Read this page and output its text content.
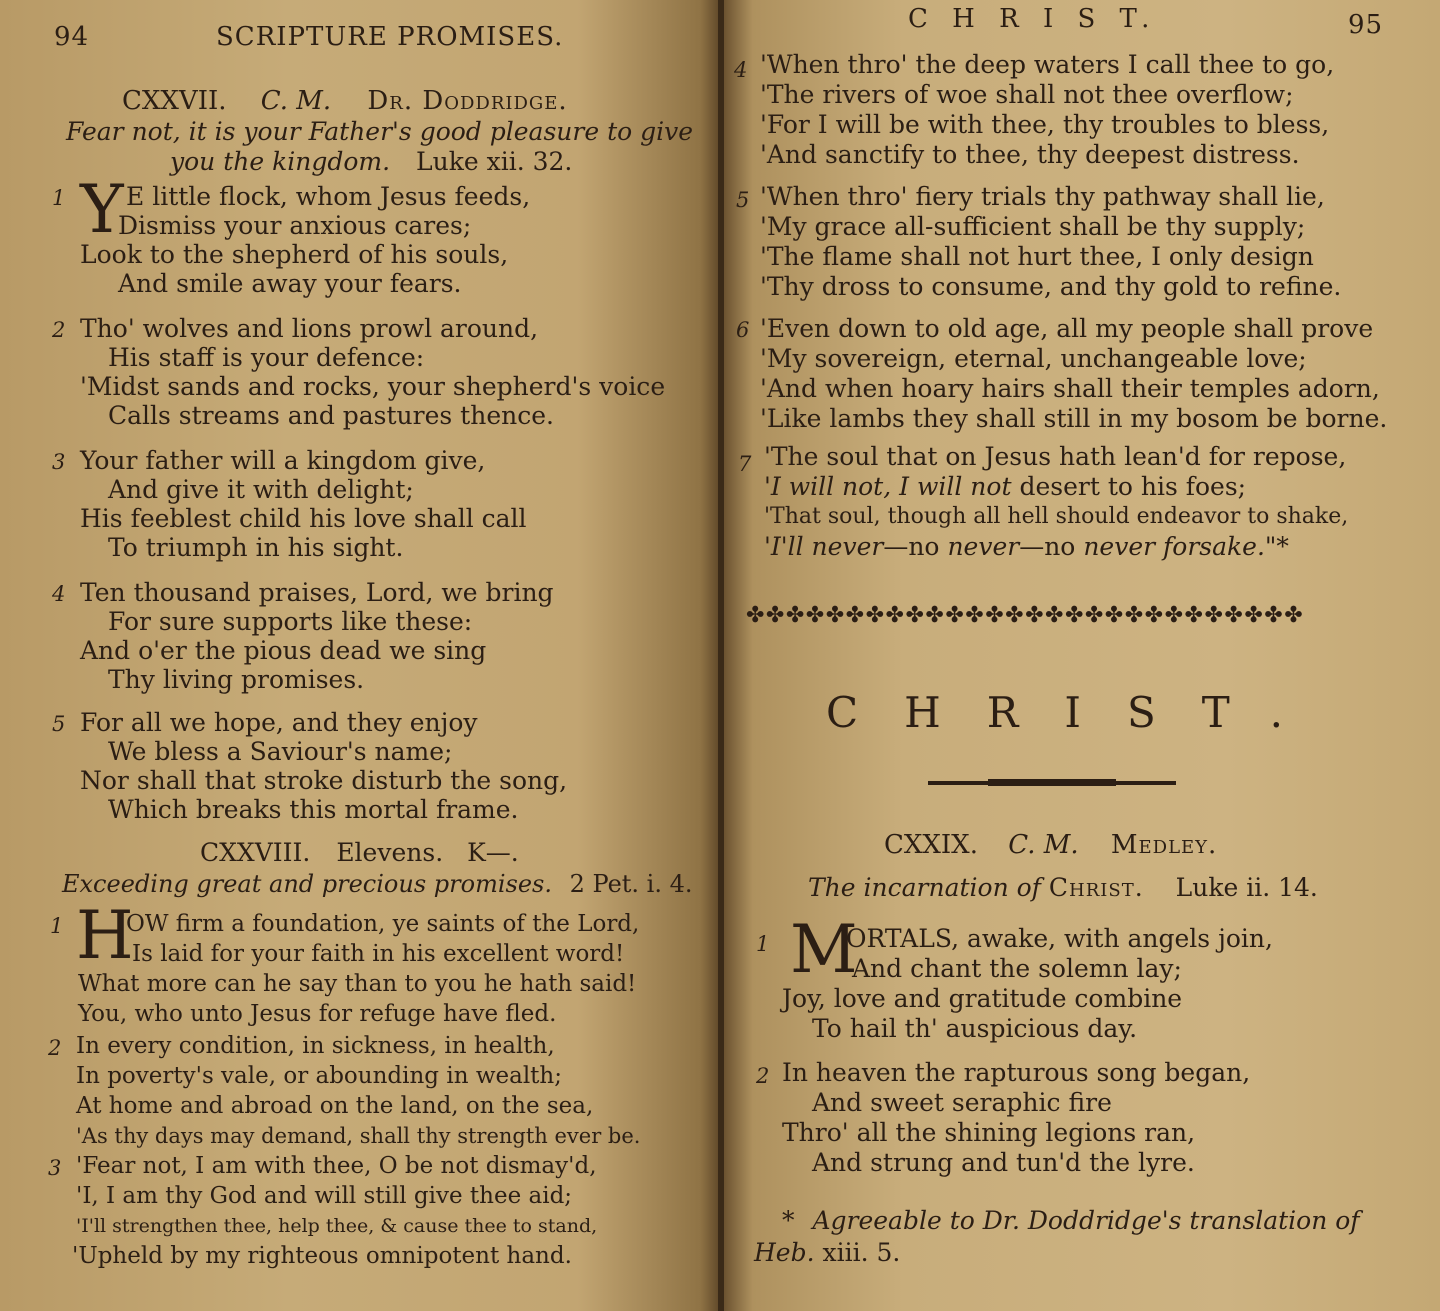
94	SCRIPTURE PROMISES.
CXXVII. C. M. Dr. Doddridge.
Fear not, it is your Father's good pleasure to give
you the kingdom. Luke xii. 32.
Y
1 E little flock, whom Jesus feeds,
Dismiss your anxious cares;
Look to the shepherd of his souls,
And smile away your fears.
2 Tho' wolves and lions prowl around,
His staff is your defence:
'Midst sands and rocks, your shepherd's voice
Calls streams and pastures thence.
3 Your father will a kingdom give,
And give it with delight;
His feeblest child his love shall call
To triumph in his sight.
4 Ten thousand praises, Lord, we bring
For sure supports like these:
And o'er the pious dead we sing
Thy living promises.
5 For all we hope, and they enjoy
We bless a Saviour's name;
Nor shall that stroke disturb the song,
Which breaks this mortal frame.
CXXVIII. Elevens. K—.
Exceeding great and precious promises. 2 Pet. i. 4.
H
1	OW firm a foundation, ye saints of the Lord,
Is laid for your faith in his excellent word!
What more can he say than to you he hath said!
You, who unto Jesus for refuge have fled.
2 In every condition, in sickness, in health,
In poverty's vale, or abounding in wealth;
At home and abroad on the land, on the sea,
'As thy days may demand, shall thy strength ever be.
3 'Fear not, I am with thee, O be not dismay'd,
'I, I am thy God and will still give thee aid;
'I'll strengthen thee, help thee, & cause thee to stand,
'Upheld by my righteous omnipotent hand.
C H R I S T.	95
4 'When thro' the deep waters I call thee to go,
'The rivers of woe shall not thee overflow;
'For I will be with thee, thy troubles to bless,
'And sanctify to thee, thy deepest distress.
5 'When thro' fiery trials thy pathway shall lie,
'My grace all-sufficient shall be thy supply;
'The flame shall not hurt thee, I only design
'Thy dross to consume, and thy gold to refine.
6 'Even down to old age, all my people shall prove
'My sovereign, eternal, unchangeable love;
'And when hoary hairs shall their temples adorn,
'Like lambs they shall still in my bosom be borne.
7 'The soul that on Jesus hath lean'd for repose,
'I will not, I will not desert to his foes;
'That soul, though all hell should endeavor to shake,
'I'll never—no never—no never forsake."*
✤✤✤✤✤✤✤✤✤✤✤✤✤✤✤✤✤✤✤✤✤✤✤✤✤✤✤✤
CHRIST.
CXXIX. C. M. Medley.
The incarnation of Christ. Luke ii. 14.
M
1	ORTALS, awake, with angels join,
And chant the solemn lay;
Joy, love and gratitude combine
To hail th' auspicious day.
2 In heaven the rapturous song began,
And sweet seraphic fire
Thro' all the shining legions ran,
And strung and tun'd the lyre.
* Agreeable to Dr. Doddridge's translation of
Heb. xiii. 5.
